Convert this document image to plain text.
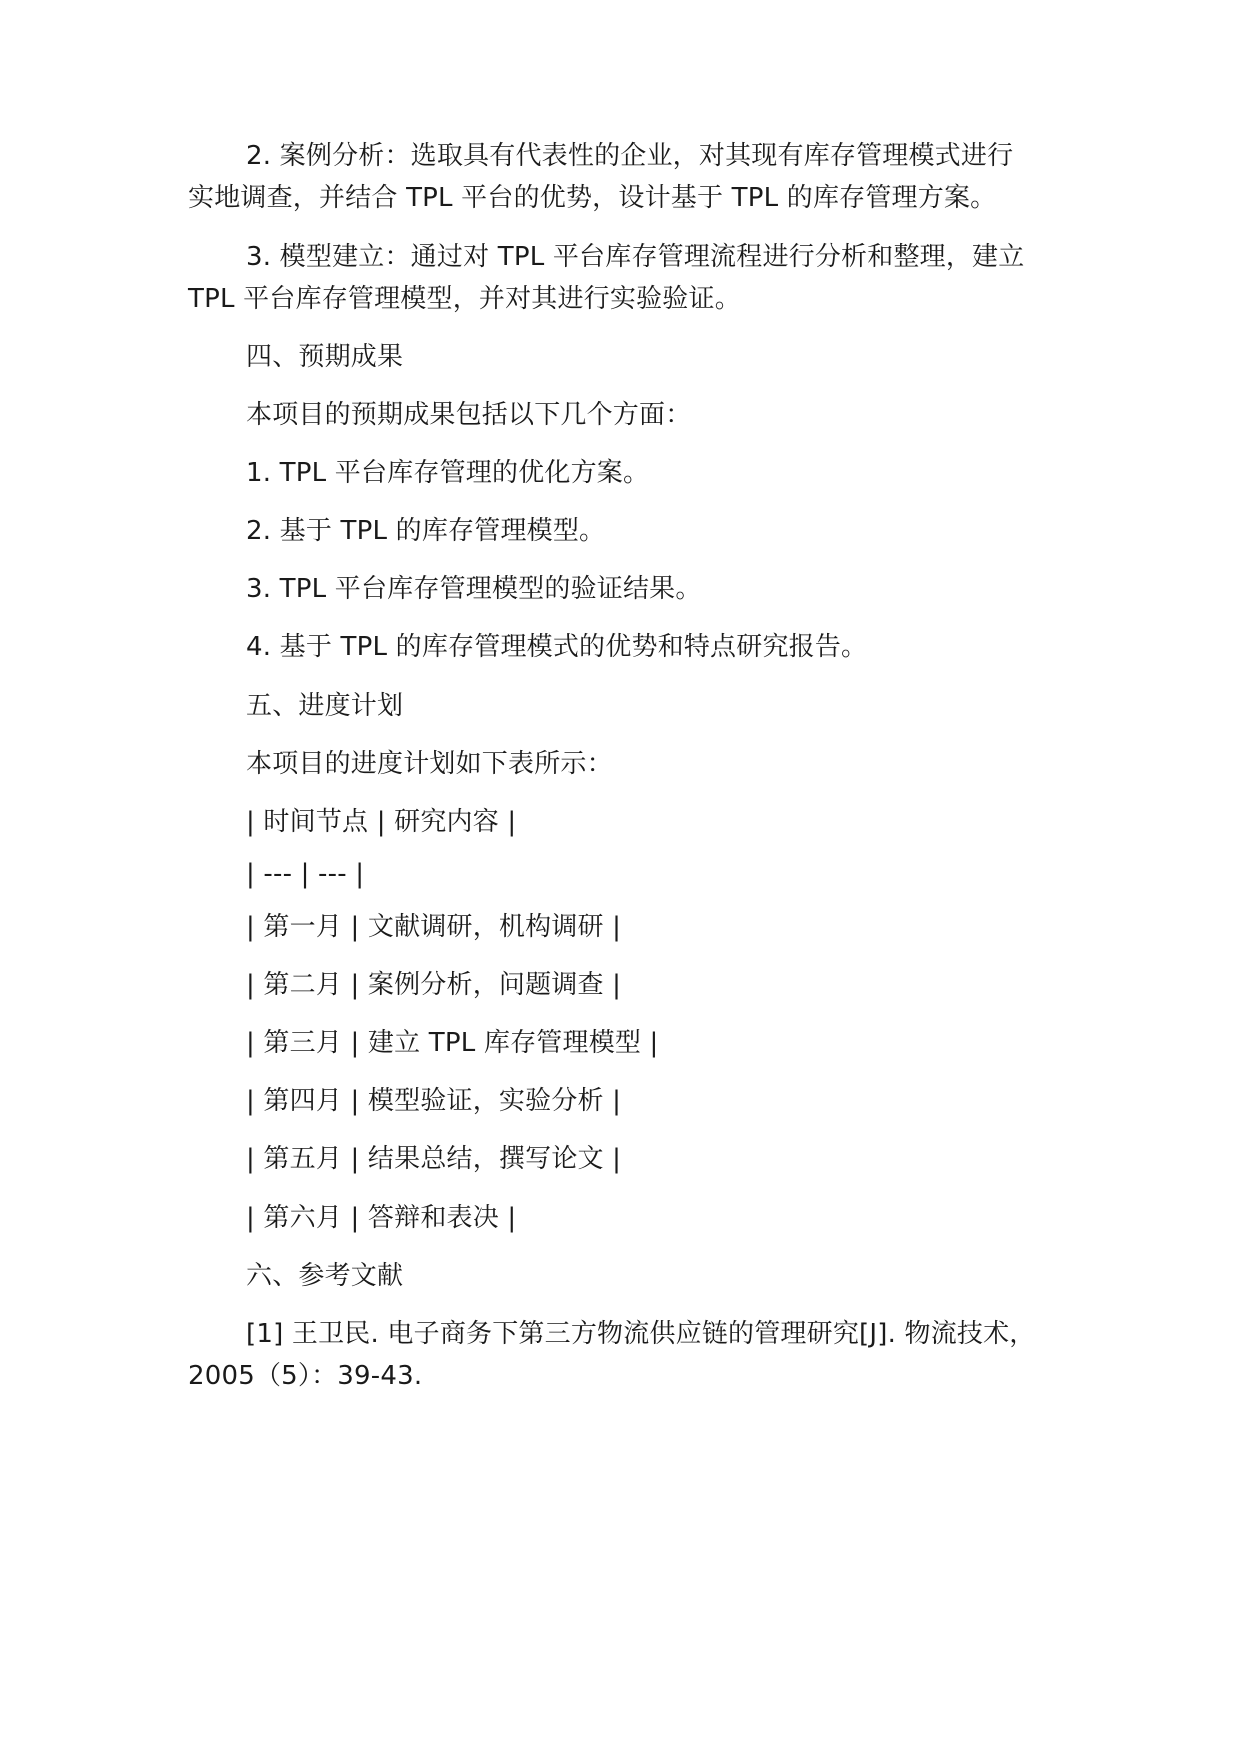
2. 案例分析：选取具有代表性的企业，对其现有库存管理模式进行
实地调查，并结合 TPL 平台的优势，设计基于 TPL 的库存管理方案。
3. 模型建立：通过对 TPL 平台库存管理流程进行分析和整理，建立
TPL 平台库存管理模型，并对其进行实验验证。
四、预期成果
本项目的预期成果包括以下几个方面：
1. TPL 平台库存管理的优化方案。
2. 基于 TPL 的库存管理模型。
3. TPL 平台库存管理模型的验证结果。
4. 基于 TPL 的库存管理模式的优势和特点研究报告。
五、进度计划
本项目的进度计划如下表所示：
| 时间节点 | 研究内容 |
| --- | --- |
| 第一月 | 文献调研，机构调研 |
| 第二月 | 案例分析，问题调查 |
| 第三月 | 建立 TPL 库存管理模型 |
| 第四月 | 模型验证，实验分析 |
| 第五月 | 结果总结，撰写论文 |
| 第六月 | 答辩和表决 |
六、参考文献
[1] 王卫民. 电子商务下第三方物流供应链的管理研究[J]. 物流技术，
2005（5）：39-43.
